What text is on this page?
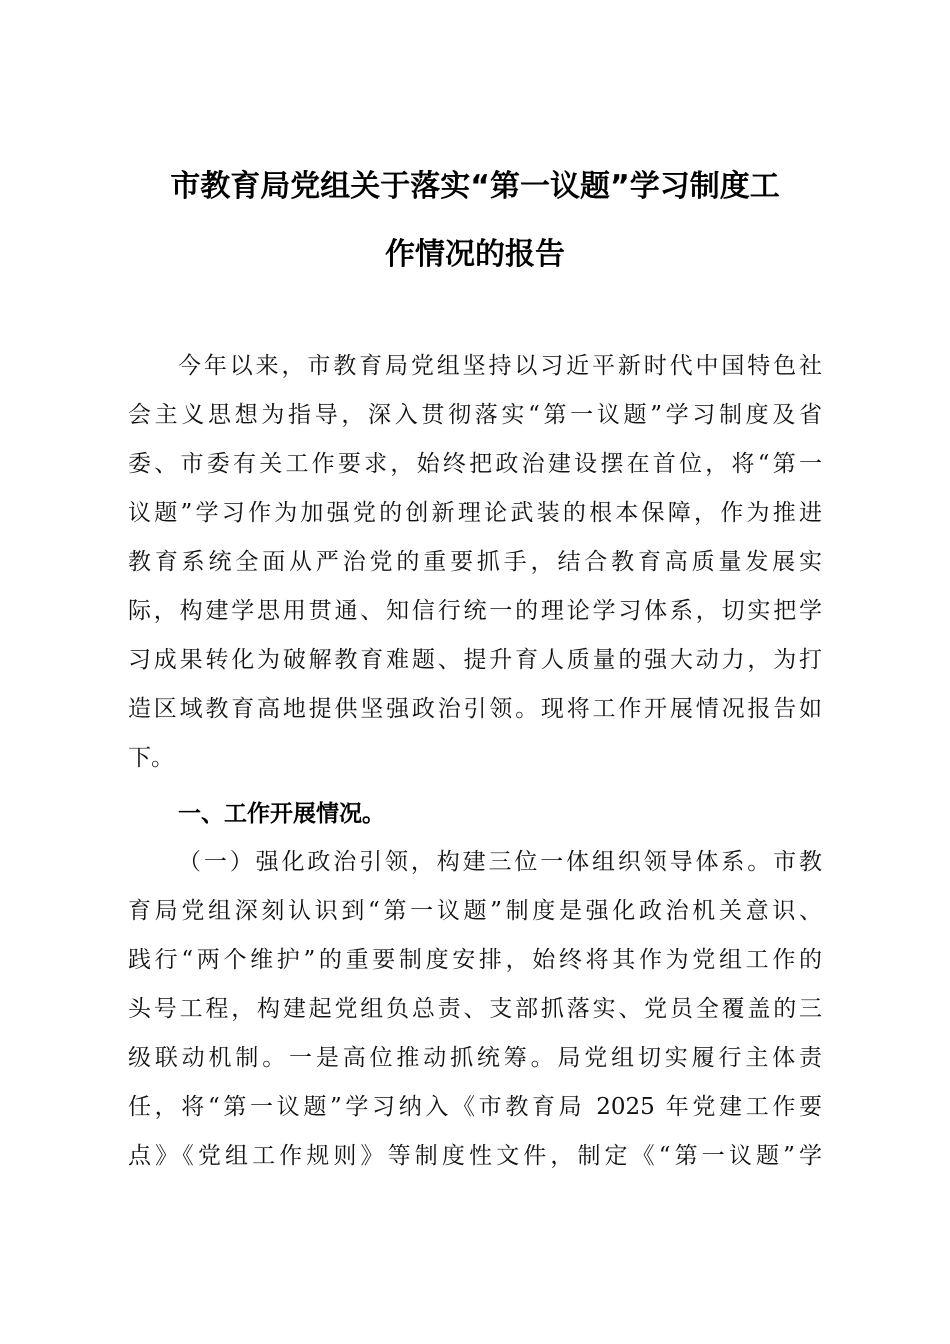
市教育局党组关于落实“第一议题”学习制度工
作情况的报告
今年以来，市教育局党组坚持以习近平新时代中国特色社
会主义思想为指导，深入贯彻落实“第一议题”学习制度及省
委、市委有关工作要求，始终把政治建设摆在首位，将“第一
议题”学习作为加强党的创新理论武装的根本保障，作为推进
教育系统全面从严治党的重要抓手，结合教育高质量发展实
际，构建学思用贯通、知信行统一的理论学习体系，切实把学
习成果转化为破解教育难题、提升育人质量的强大动力，为打
造区域教育高地提供坚强政治引领。现将工作开展情况报告如
下。
一、工作开展情况。
（一）强化政治引领，构建三位一体组织领导体系。市教
育局党组深刻认识到“第一议题”制度是强化政治机关意识、
践行“两个维护”的重要制度安排，始终将其作为党组工作的
头号工程，构建起党组负总责、支部抓落实、党员全覆盖的三
级联动机制。一是高位推动抓统筹。局党组切实履行主体责
任，将“第一议题”学习纳入《市教育局 2025 年党建工作要
点》《党组工作规则》等制度性文件，制定《“第一议题”学
